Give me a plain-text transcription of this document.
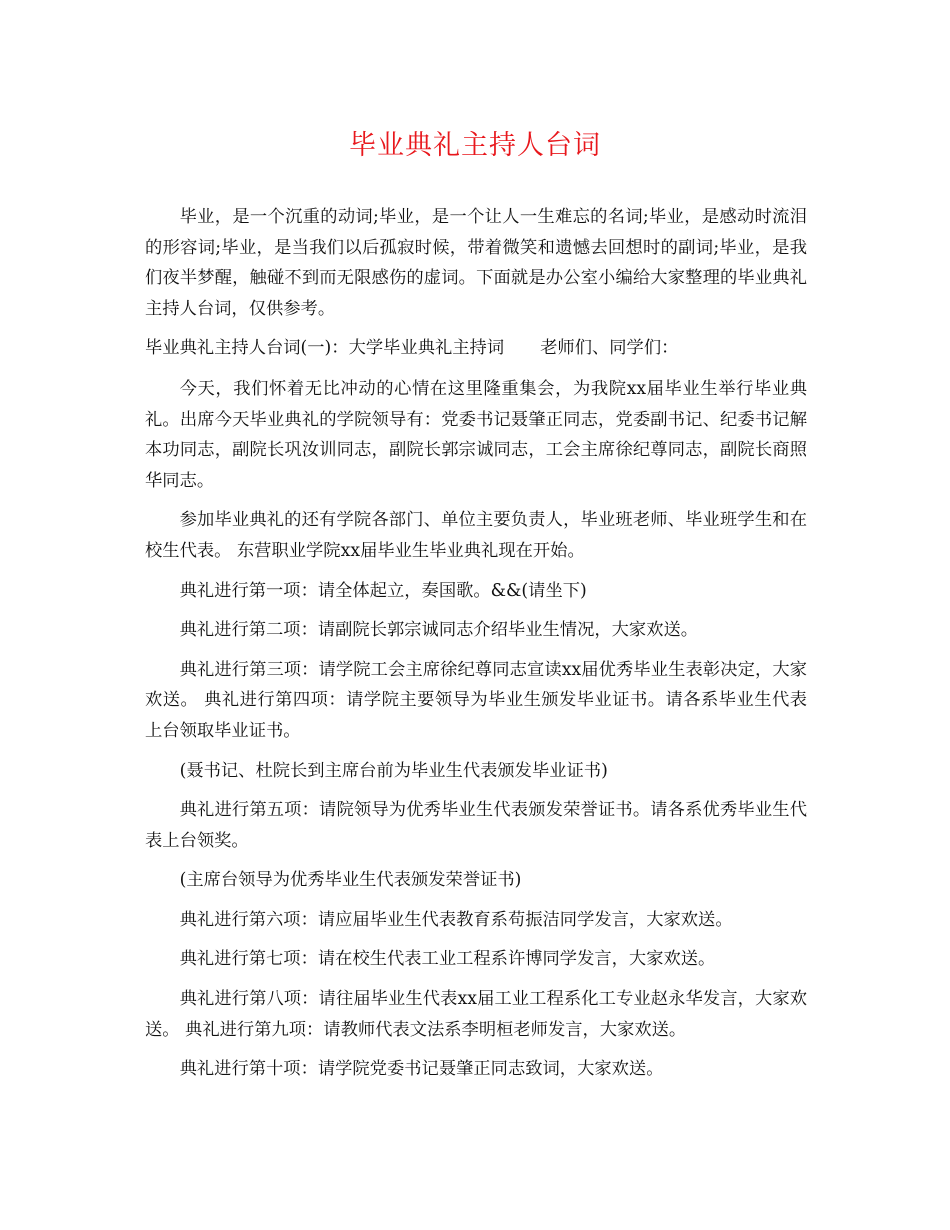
毕业典礼主持人台词

毕业，是一个沉重的动词;毕业，是一个让人一生难忘的名词;毕业，是感动时流泪的形容词;毕业，是当我们以后孤寂时候，带着微笑和遗憾去回想时的副词;毕业，是我们夜半梦醒，触碰不到而无限感伤的虚词。下面就是办公室小编给大家整理的毕业典礼主持人台词，仅供参考。

毕业典礼主持人台词(一)：大学毕业典礼主持词 老师们、同学们：

今天，我们怀着无比冲动的心情在这里隆重集会，为我院xx届毕业生举行毕业典礼。出席今天毕业典礼的学院领导有：党委书记聂肇正同志，党委副书记、纪委书记解本功同志，副院长巩汝训同志，副院长郭宗诚同志，工会主席徐纪尊同志，副院长商照华同志。

参加毕业典礼的还有学院各部门、单位主要负责人，毕业班老师、毕业班学生和在校生代表。 东营职业学院xx届毕业生毕业典礼现在开始。

典礼进行第一项：请全体起立，奏国歌。&&(请坐下)

典礼进行第二项：请副院长郭宗诚同志介绍毕业生情况，大家欢送。

典礼进行第三项：请学院工会主席徐纪尊同志宣读xx届优秀毕业生表彰决定，大家欢送。 典礼进行第四项：请学院主要领导为毕业生颁发毕业证书。请各系毕业生代表上台领取毕业证书。

(聂书记、杜院长到主席台前为毕业生代表颁发毕业证书)

典礼进行第五项：请院领导为优秀毕业生代表颁发荣誉证书。请各系优秀毕业生代表上台领奖。

(主席台领导为优秀毕业生代表颁发荣誉证书)

典礼进行第六项：请应届毕业生代表教育系苟振洁同学发言，大家欢送。

典礼进行第七项：请在校生代表工业工程系许博同学发言，大家欢送。

典礼进行第八项：请往届毕业生代表xx届工业工程系化工专业赵永华发言，大家欢送。 典礼进行第九项：请教师代表文法系李明桓老师发言，大家欢送。

典礼进行第十项：请学院党委书记聂肇正同志致词，大家欢送。
